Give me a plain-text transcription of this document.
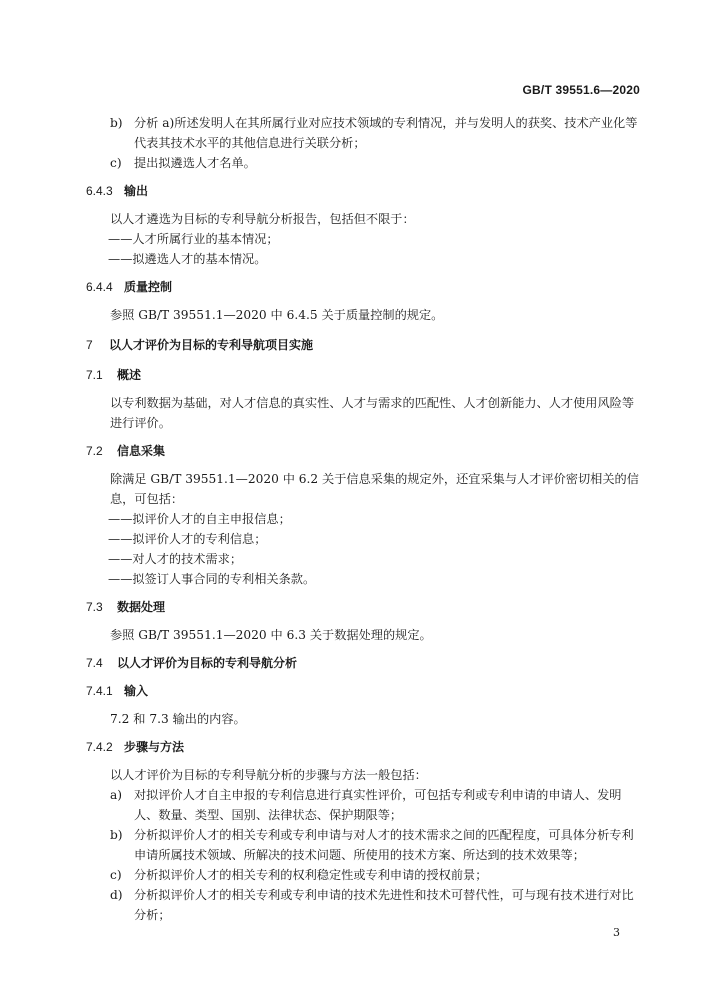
GB/T 39551.6—2020
b) 分析 a)所述发明人在其所属行业对应技术领域的专利情况，并与发明人的获奖、技术产业化等代表其技术水平的其他信息进行关联分析；
c)	提出拟遴选人才名单。

6.4.3 输出

以人才遴选为目标的专利导航分析报告，包括但不限于：

——人才所属行业的基本情况；
——拟遴选人才的基本情况。

6.4.4 质量控制

参照 GB/T 39551.1—2020 中 6.4.5 关于质量控制的规定。

7 以人才评价为目标的专利导航项目实施

7.1 概述

以专利数据为基础，对人才信息的真实性、人才与需求的匹配性、人才创新能力、人才使用风险等进行评价。

7.2 信息采集

除满足 GB/T 39551.1—2020 中 6.2 关于信息采集的规定外，还宜采集与人才评价密切相关的信息，可包括：

——拟评价人才的自主申报信息；
——拟评价人才的专利信息；
——对人才的技术需求；
——拟签订人事合同的专利相关条款。

7.3 数据处理

参照 GB/T 39551.1—2020 中 6.3 关于数据处理的规定。

7.4 以人才评价为目标的专利导航分析

7.4.1 输入

7.2 和 7.3 输出的内容。

7.4.2 步骤与方法

以人才评价为目标的专利导航分析的步骤与方法一般包括：

a) 对拟评价人才自主申报的专利信息进行真实性评价，可包括专利或专利申请的申请人、发明人、数量、类型、国别、法律状态、保护期限等；
b) 分析拟评价人才的相关专利或专利申请与对人才的技术需求之间的匹配程度，可具体分析专利申请所属技术领域、所解决的技术问题、所使用的技术方案、所达到的技术效果等；
c)	分析拟评价人才的相关专利的权利稳定性或专利申请的授权前景；
d) 分析拟评价人才的相关专利或专利申请的技术先进性和技术可替代性，可与现有技术进行对比分析；
3
